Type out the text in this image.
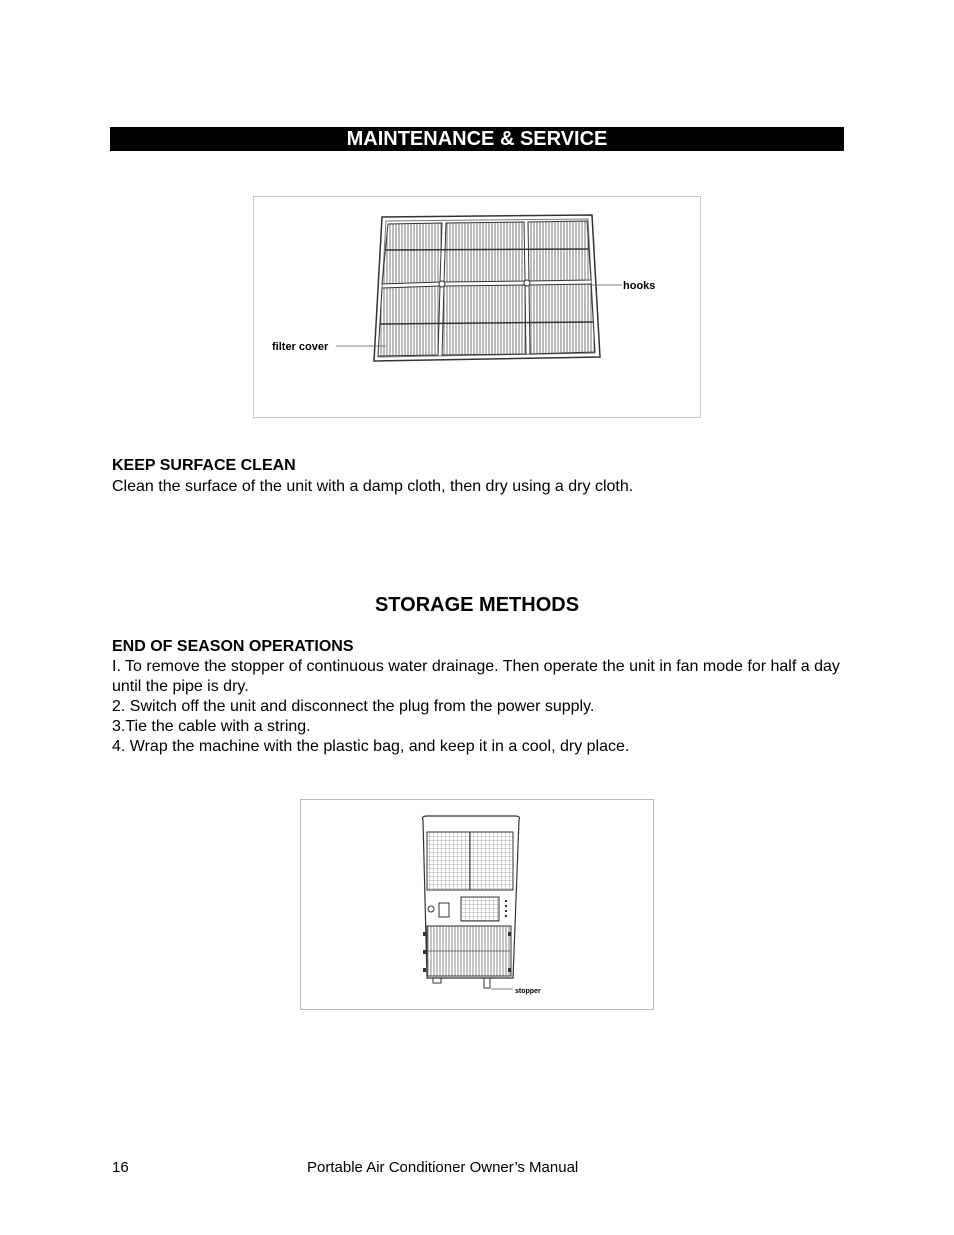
MAINTENANCE & SERVICE
hooks
filter cover
KEEP SURFACE CLEAN
Clean the surface of the unit with a damp cloth, then dry using a dry cloth.
STORAGE METHODS
END OF SEASON OPERATIONS
I. To remove the stopper of continuous water drainage. Then operate the unit in fan mode for half a day until the pipe is dry.
2. Switch off the unit and disconnect the plug from the power supply.
3.Tie the cable with a string.
4. Wrap the machine with the plastic bag, and keep it in a cool, dry place.
stopper
16	Portable Air Conditioner Owner’s Manual
